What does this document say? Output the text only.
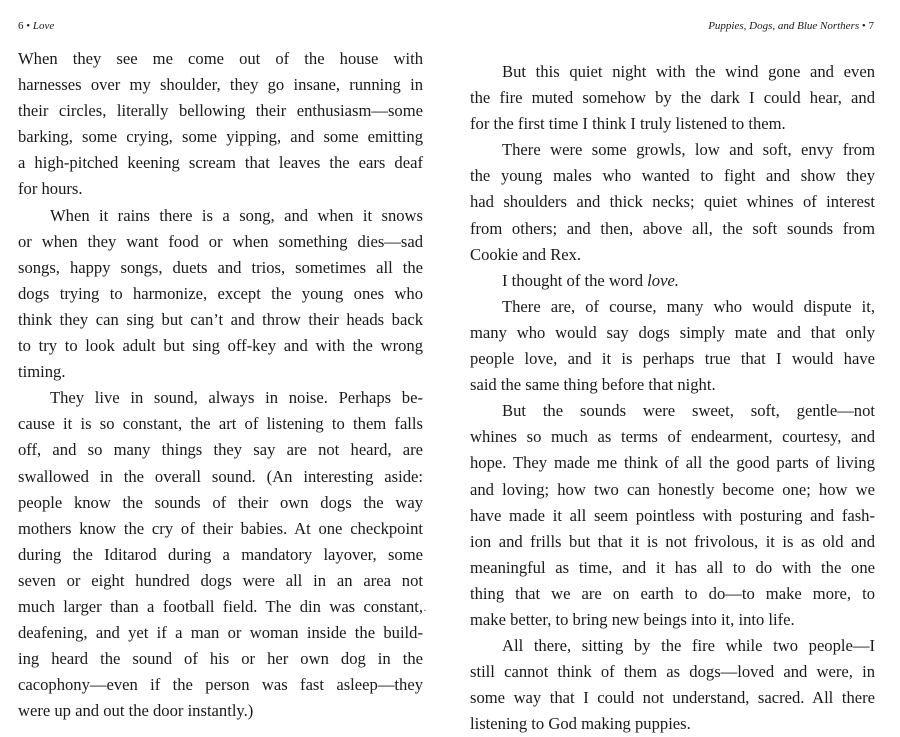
6 • Love
When they see me come out of the house with
harnesses over my shoulder, they go insane, running in
their circles, literally bellowing their enthusiasm—some
barking, some crying, some yipping, and some emitting
a high-pitched keening scream that leaves the ears deaf
for hours.
When it rains there is a song, and when it snows
or when they want food or when something dies—sad
songs, happy songs, duets and trios, sometimes all the
dogs trying to harmonize, except the young ones who
think they can sing but can’t and throw their heads back
to try to look adult but sing off-key and with the wrong
timing.
They live in sound, always in noise. Perhaps be-
cause it is so constant, the art of listening to them falls
off, and so many things they say are not heard, are
swallowed in the overall sound. (An interesting aside:
people know the sounds of their own dogs the way
mothers know the cry of their babies. At one checkpoint
during the Iditarod during a mandatory layover, some
seven or eight hundred dogs were all in an area not
much larger than a football field. The din was constant,
deafening, and yet if a man or woman inside the build-
ing heard the sound of his or her own dog in the
cacophony—even if the person was fast asleep—they
were up and out the door instantly.)
·
Puppies, Dogs, and Blue Northers • 7
But this quiet night with the wind gone and even
the fire muted somehow by the dark I could hear, and
for the first time I think I truly listened to them.
There were some growls, low and soft, envy from
the young males who wanted to fight and show they
had shoulders and thick necks; quiet whines of interest
from others; and then, above all, the soft sounds from
Cookie and Rex.
I thought of the word love.
There are, of course, many who would dispute it,
many who would say dogs simply mate and that only
people love, and it is perhaps true that I would have
said the same thing before that night.
But the sounds were sweet, soft, gentle—not
whines so much as terms of endearment, courtesy, and
hope. They made me think of all the good parts of living
and loving; how two can honestly become one; how we
have made it all seem pointless with posturing and fash-
ion and frills but that it is not frivolous, it is as old and
meaningful as time, and it has all to do with the one
thing that we are on earth to do—to make more, to
make better, to bring new beings into it, into life.
All there, sitting by the fire while two people—I
still cannot think of them as dogs—loved and were, in
some way that I could not understand, sacred. All there
listening to God making puppies.
